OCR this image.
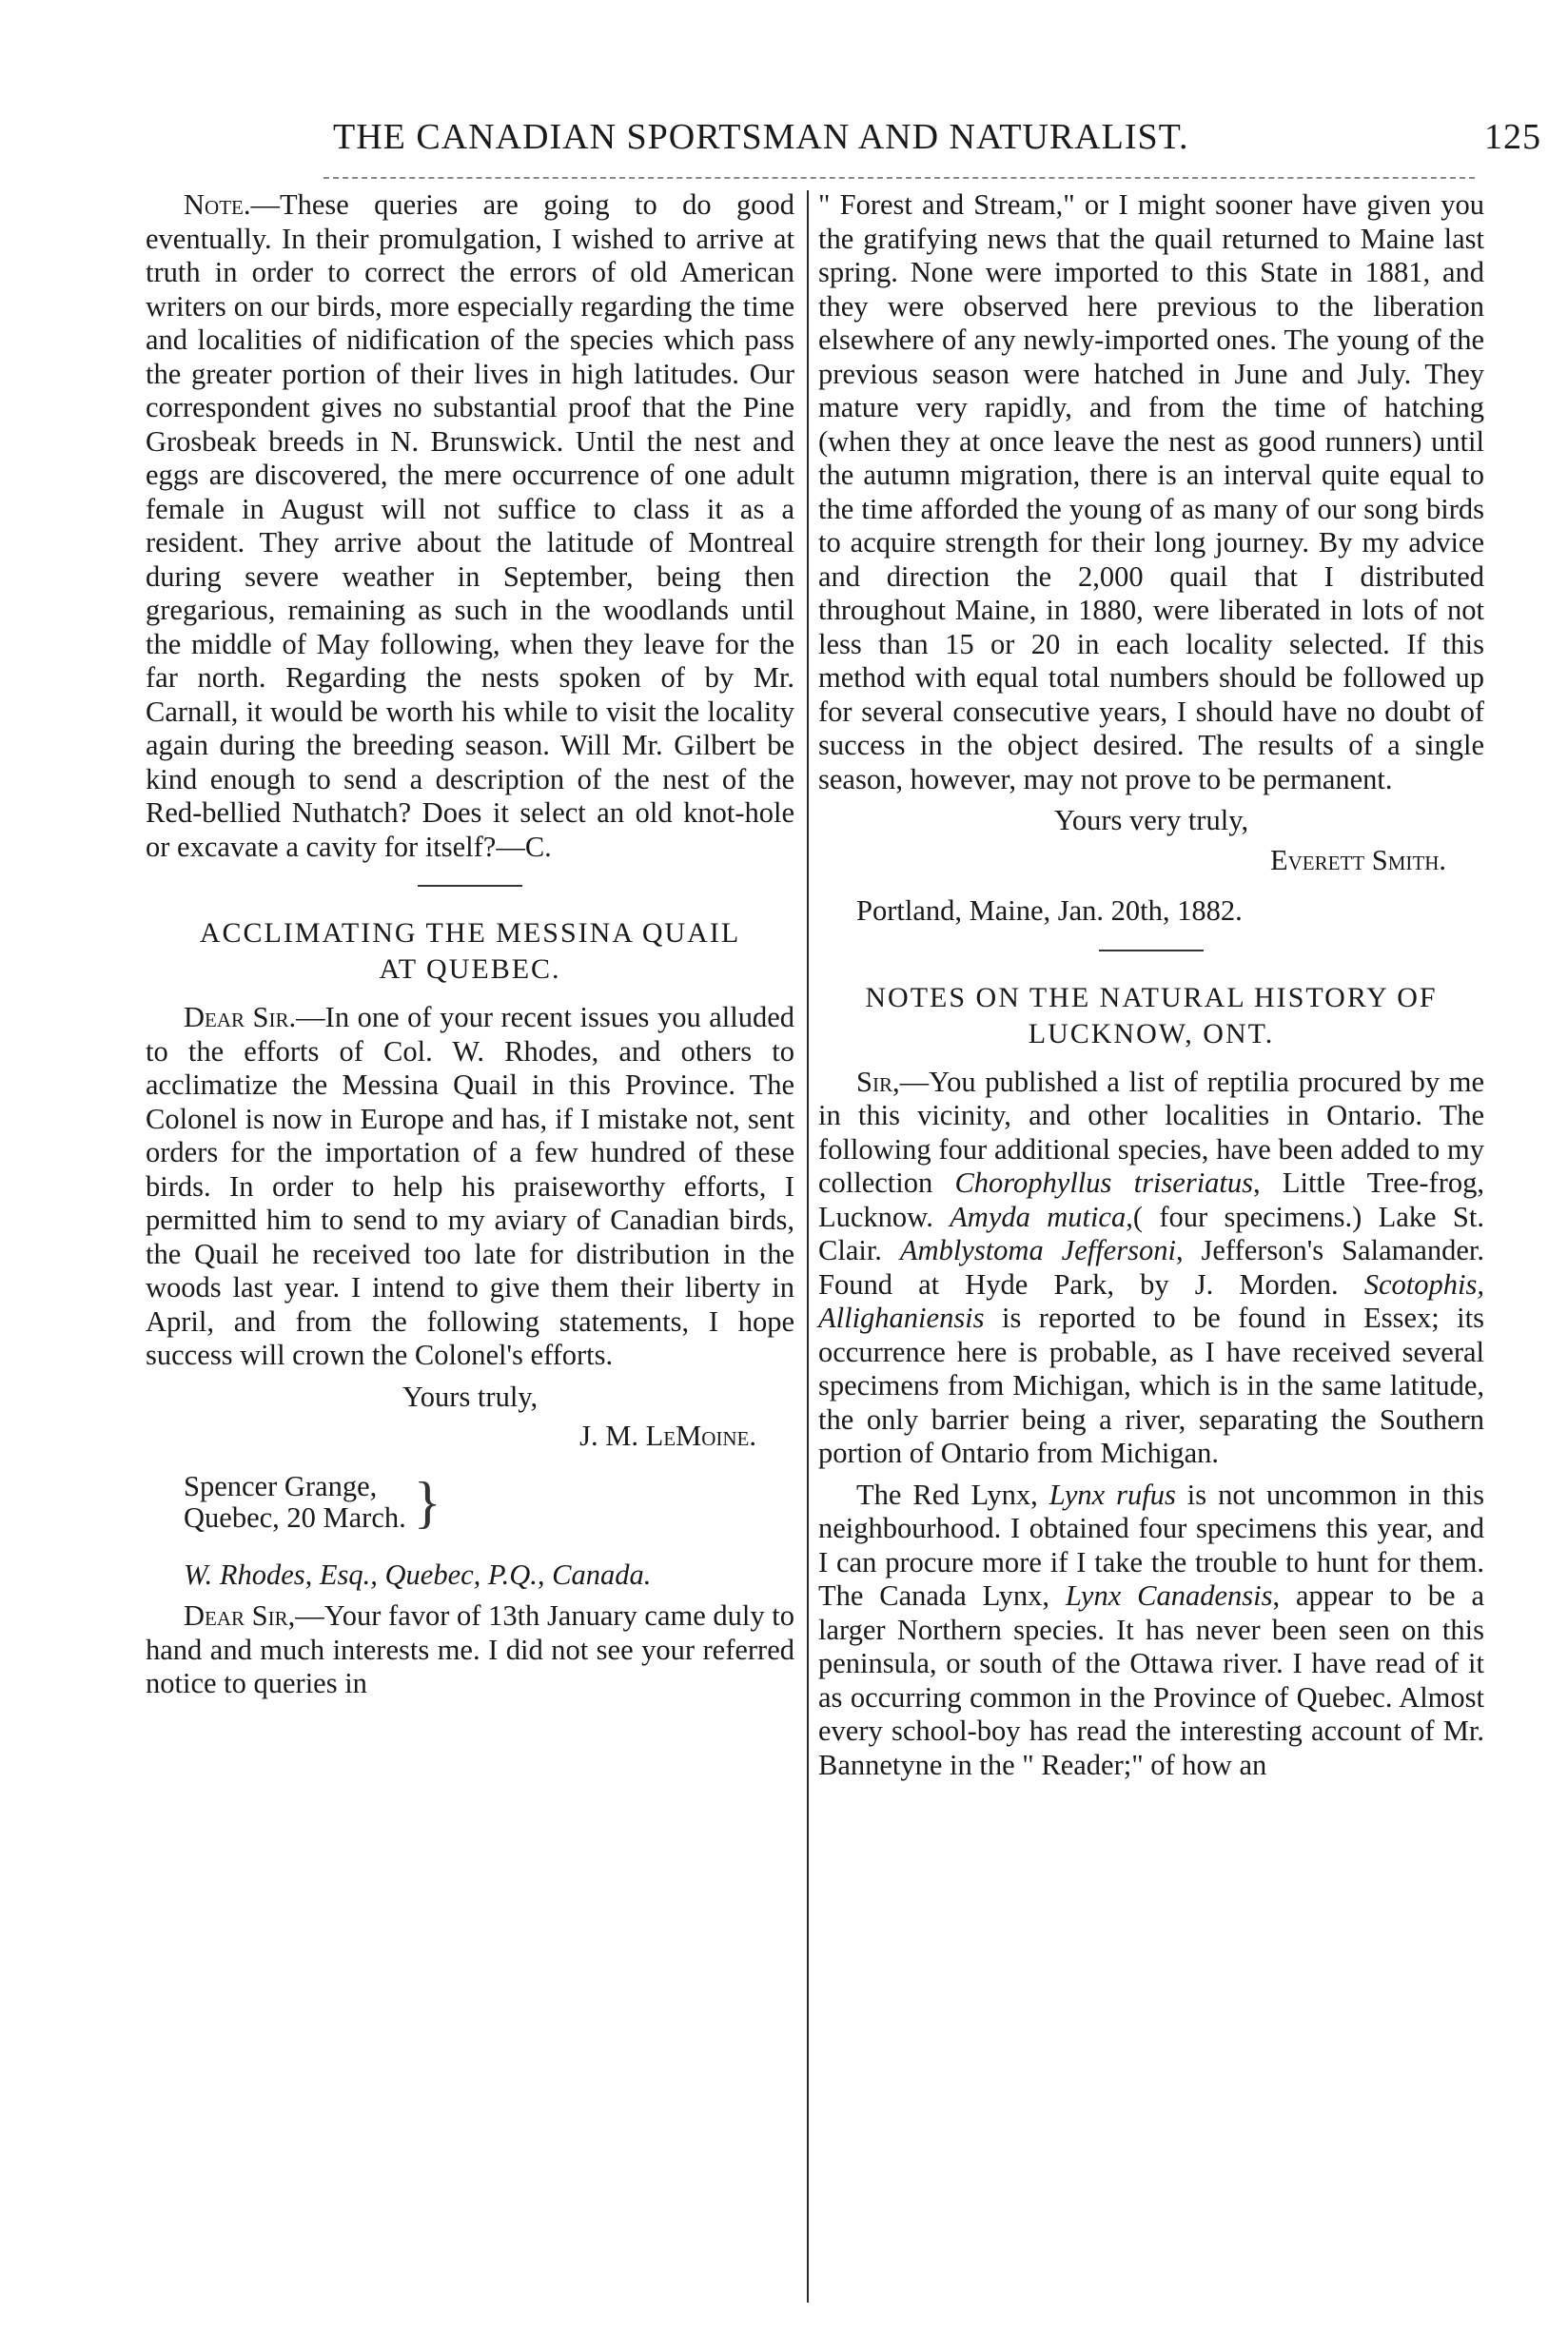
THE CANADIAN SPORTSMAN AND NATURALIST.	125

Note.—These queries are going to do good eventually. In their promulgation, I wished to arrive at truth in order to correct the errors of old American writers on our birds, more especially regarding the time and localities of nidification of the species which pass the greater portion of their lives in high latitudes. Our correspondent gives no substantial proof that the Pine Grosbeak breeds in N. Brunswick. Until the nest and eggs are discovered, the mere occurrence of one adult female in August will not suffice to class it as a resident. They arrive about the latitude of Montreal during severe weather in September, being then gregarious, remaining as such in the woodlands until the middle of May following, when they leave for the far north. Regarding the nests spoken of by Mr. Carnall, it would be worth his while to visit the locality again during the breeding season. Will Mr. Gilbert be kind enough to send a description of the nest of the Red-bellied Nuthatch? Does it select an old knot-hole or excavate a cavity for itself?—C.

ACCLIMATING THE MESSINA QUAIL
AT QUEBEC.

Dear Sir.—In one of your recent issues you alluded to the efforts of Col. W. Rhodes, and others to acclimatize the Messina Quail in this Province. The Colonel is now in Europe and has, if I mistake not, sent orders for the importation of a few hundred of these birds. In order to help his praiseworthy efforts, I permitted him to send to my aviary of Canadian birds, the Quail he received too late for distribution in the woods last year. I intend to give them their liberty in April, and from the following statements, I hope success will crown the Colonel's efforts.

Yours truly,
J. M. LeMoine.
Spencer Grange,
Quebec, 20 March. }

W. Rhodes, Esq., Quebec, P.Q., Canada.

Dear Sir,—Your favor of 13th January came duly to hand and much interests me. I did not see your referred notice to queries in

" Forest and Stream," or I might sooner have given you the gratifying news that the quail returned to Maine last spring. None were imported to this State in 1881, and they were observed here previous to the liberation elsewhere of any newly-imported ones. The young of the previous season were hatched in June and July. They mature very rapidly, and from the time of hatching (when they at once leave the nest as good runners) until the autumn migration, there is an interval quite equal to the time afforded the young of as many of our song birds to acquire strength for their long journey. By my advice and direction the 2,000 quail that I distributed throughout Maine, in 1880, were liberated in lots of not less than 15 or 20 in each locality selected. If this method with equal total numbers should be followed up for several consecutive years, I should have no doubt of success in the object desired. The results of a single season, however, may not prove to be permanent.

Yours very truly,
Everett Smith.
Portland, Maine, Jan. 20th, 1882.
NOTES ON THE NATURAL HISTORY OF
LUCKNOW, ONT.

Sir,—You published a list of reptilia procured by me in this vicinity, and other localities in Ontario. The following four additional species, have been added to my collection Chorophyllus triseriatus, Little Tree-frog, Lucknow. Amyda mutica,( four specimens.) Lake St. Clair. Amblystoma Jeffersoni, Jefferson's Salamander. Found at Hyde Park, by J. Morden. Scotophis, Allighaniensis is reported to be found in Essex; its occurrence here is probable, as I have received several specimens from Michigan, which is in the same latitude, the only barrier being a river, separating the Southern portion of Ontario from Michigan.

The Red Lynx, Lynx rufus is not uncommon in this neighbourhood. I obtained four specimens this year, and I can procure more if I take the trouble to hunt for them. The Canada Lynx, Lynx Canadensis, appear to be a larger Northern species. It has never been seen on this peninsula, or south of the Ottawa river. I have read of it as occurring common in the Province of Quebec. Almost every school-boy has read the interesting account of Mr. Bannetyne in the " Reader;" of how an
